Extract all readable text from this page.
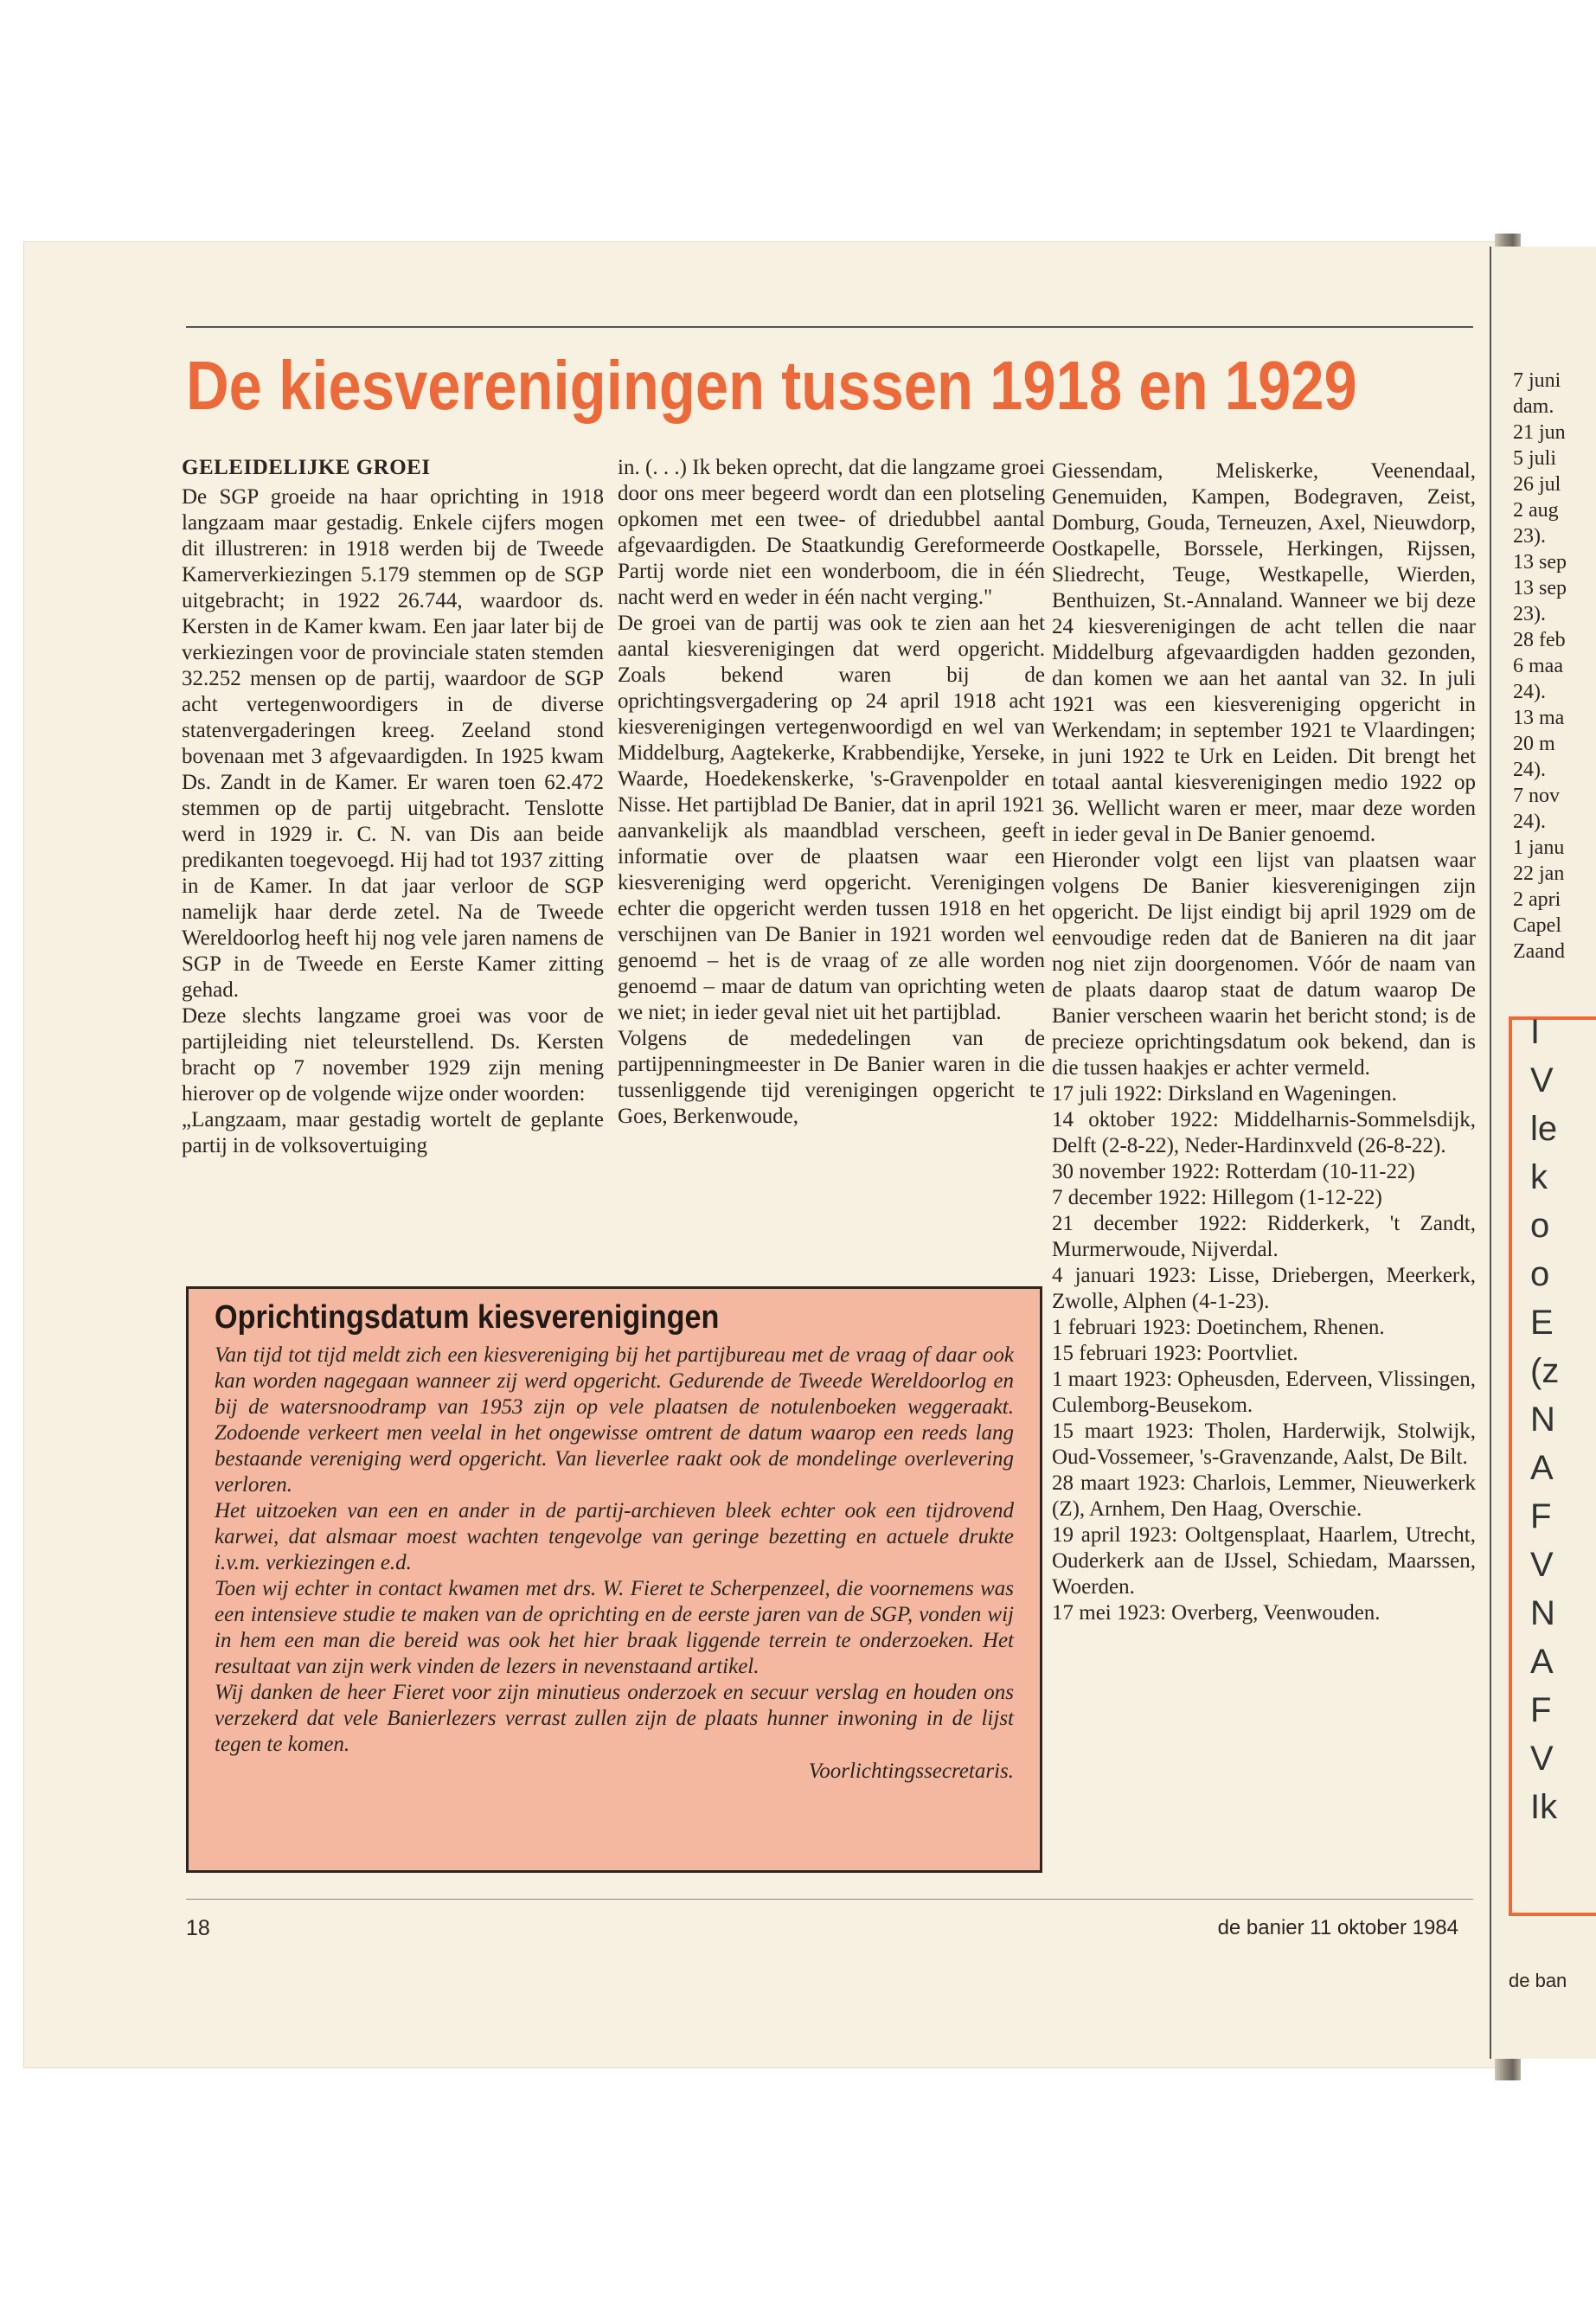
De kiesverenigingen tussen 1918 en 1929

GELEIDELIJKE GROEI

De SGP groeide na haar oprichting in 1918 langzaam maar gestadig. Enkele cijfers mogen dit illustreren: in 1918 werden bij de Tweede Kamerverkiezingen 5.179 stemmen op de SGP uitgebracht; in 1922 26.744, waardoor ds. Kersten in de Kamer kwam. Een jaar later bij de verkiezingen voor de provinciale staten stemden 32.252 mensen op de partij, waardoor de SGP acht vertegenwoordigers in de diverse statenvergaderingen kreeg. Zeeland stond bovenaan met 3 afgevaardigden. In 1925 kwam Ds. Zandt in de Kamer. Er waren toen 62.472 stemmen op de partij uitgebracht. Tenslotte werd in 1929 ir. C. N. van Dis aan beide predikanten toegevoegd. Hij had tot 1937 zitting in de Kamer. In dat jaar verloor de SGP namelijk haar derde zetel. Na de Tweede Wereldoorlog heeft hij nog vele jaren namens de SGP in de Tweede en Eerste Kamer zitting gehad.

Deze slechts langzame groei was voor de partijleiding niet teleurstellend. Ds. Kersten bracht op 7 november 1929 zijn mening hierover op de volgende wijze onder woorden:

„Langzaam, maar gestadig wortelt de geplante partij in de volksovertuiging

in. (. . .) Ik beken oprecht, dat die langzame groei door ons meer begeerd wordt dan een plotseling opkomen met een twee- of driedubbel aantal afgevaardigden. De Staatkundig Gereformeerde Partij worde niet een wonderboom, die in één nacht werd en weder in één nacht verging."

De groei van de partij was ook te zien aan het aantal kiesverenigingen dat werd opgericht. Zoals bekend waren bij de oprichtingsvergadering op 24 april 1918 acht kiesverenigingen vertegenwoordigd en wel van Middelburg, Aagtekerke, Krabbendijke, Yerseke, Waarde, Hoedekenskerke, 's-Gravenpolder en Nisse. Het partijblad De Banier, dat in april 1921 aanvankelijk als maandblad verscheen, geeft informatie over de plaatsen waar een kiesvereniging werd opgericht. Verenigingen echter die opgericht werden tussen 1918 en het verschijnen van De Banier in 1921 worden wel genoemd – het is de vraag of ze alle worden genoemd – maar de datum van oprichting weten we niet; in ieder geval niet uit het partijblad.

Volgens de mededelingen van de partijpenningmeester in De Banier waren in die tussenliggende tijd verenigingen opgericht te Goes, Berkenwoude,

Giessendam, Meliskerke, Veenendaal, Genemuiden, Kampen, Bodegraven, Zeist, Domburg, Gouda, Terneuzen, Axel, Nieuwdorp, Oostkapelle, Borssele, Herkingen, Rijssen, Sliedrecht, Teuge, Westkapelle, Wierden, Benthuizen, St.-Annaland. Wanneer we bij deze 24 kiesverenigingen de acht tellen die naar Middelburg afgevaardigden hadden gezonden, dan komen we aan het aantal van 32. In juli 1921 was een kiesvereniging opgericht in Werkendam; in september 1921 te Vlaardingen; in juni 1922 te Urk en Leiden. Dit brengt het totaal aantal kiesverenigingen medio 1922 op 36. Wellicht waren er meer, maar deze worden in ieder geval in De Banier genoemd.

Hieronder volgt een lijst van plaatsen waar volgens De Banier kiesverenigingen zijn opgericht. De lijst eindigt bij april 1929 om de eenvoudige reden dat de Banieren na dit jaar nog niet zijn doorgenomen. Vóór de naam van de plaats daarop staat de datum waarop De Banier verscheen waarin het bericht stond; is de precieze oprichtingsdatum ook bekend, dan is die tussen haakjes er achter vermeld.

17 juli 1922: Dirksland en Wageningen.

14 oktober 1922: Middelharnis-Sommelsdijk, Delft (2-8-22), Neder-Hardinxveld (26-8-22).

30 november 1922: Rotterdam (10-11-22)

7 december 1922: Hillegom (1-12-22)

21 december 1922: Ridderkerk, 't Zandt, Murmerwoude, Nijverdal.

4 januari 1923: Lisse, Driebergen, Meerkerk, Zwolle, Alphen (4-1-23).

1 februari 1923: Doetinchem, Rhenen.

15 februari 1923: Poortvliet.

1 maart 1923: Opheusden, Ederveen, Vlissingen, Culemborg-Beusekom.

15 maart 1923: Tholen, Harderwijk, Stolwijk, Oud-Vossemeer, 's-Gravenzande, Aalst, De Bilt.

28 maart 1923: Charlois, Lemmer, Nieuwerkerk (Z), Arnhem, Den Haag, Overschie.

19 april 1923: Ooltgensplaat, Haarlem, Utrecht, Ouderkerk aan de IJssel, Schiedam, Maarssen, Woerden.

17 mei 1923: Overberg, Veenwouden.

Oprichtingsdatum kiesverenigingen

Van tijd tot tijd meldt zich een kiesvereniging bij het partijbureau met de vraag of daar ook kan worden nagegaan wanneer zij werd opgericht. Gedurende de Tweede Wereldoorlog en bij de watersnoodramp van 1953 zijn op vele plaatsen de notulenboeken weggeraakt. Zodoende verkeert men veelal in het ongewisse omtrent de datum waarop een reeds lang bestaande vereniging werd opgericht. Van lieverlee raakt ook de mondelinge overlevering verloren.

Het uitzoeken van een en ander in de partij-archieven bleek echter ook een tijdrovend karwei, dat alsmaar moest wachten tengevolge van geringe bezetting en actuele drukte i.v.m. verkiezingen e.d.

Toen wij echter in contact kwamen met drs. W. Fieret te Scherpenzeel, die voornemens was een intensieve studie te maken van de oprichting en de eerste jaren van de SGP, vonden wij in hem een man die bereid was ook het hier braak liggende terrein te onderzoeken. Het resultaat van zijn werk vinden de lezers in nevenstaand artikel.

Wij danken de heer Fieret voor zijn minutieus onderzoek en secuur verslag en houden ons verzekerd dat vele Banierlezers verrast zullen zijn de plaats hunner inwoning in de lijst tegen te komen.

Voorlichtingssecretaris.
18	de banier 11 oktober 1984
7 juni
dam.
21 jun
5 juli
26 jul
2 aug
23).
13 sep
13 sep
23).
28 feb
6 maa
24).
13 ma
20 m
24).
7 nov
24).
1 janu
22 jan
2 apri
Capel
Zaand
I
V
le
k
o
o
E
(z
N
A
F
V
N
A
F
V
Ik
de ban
